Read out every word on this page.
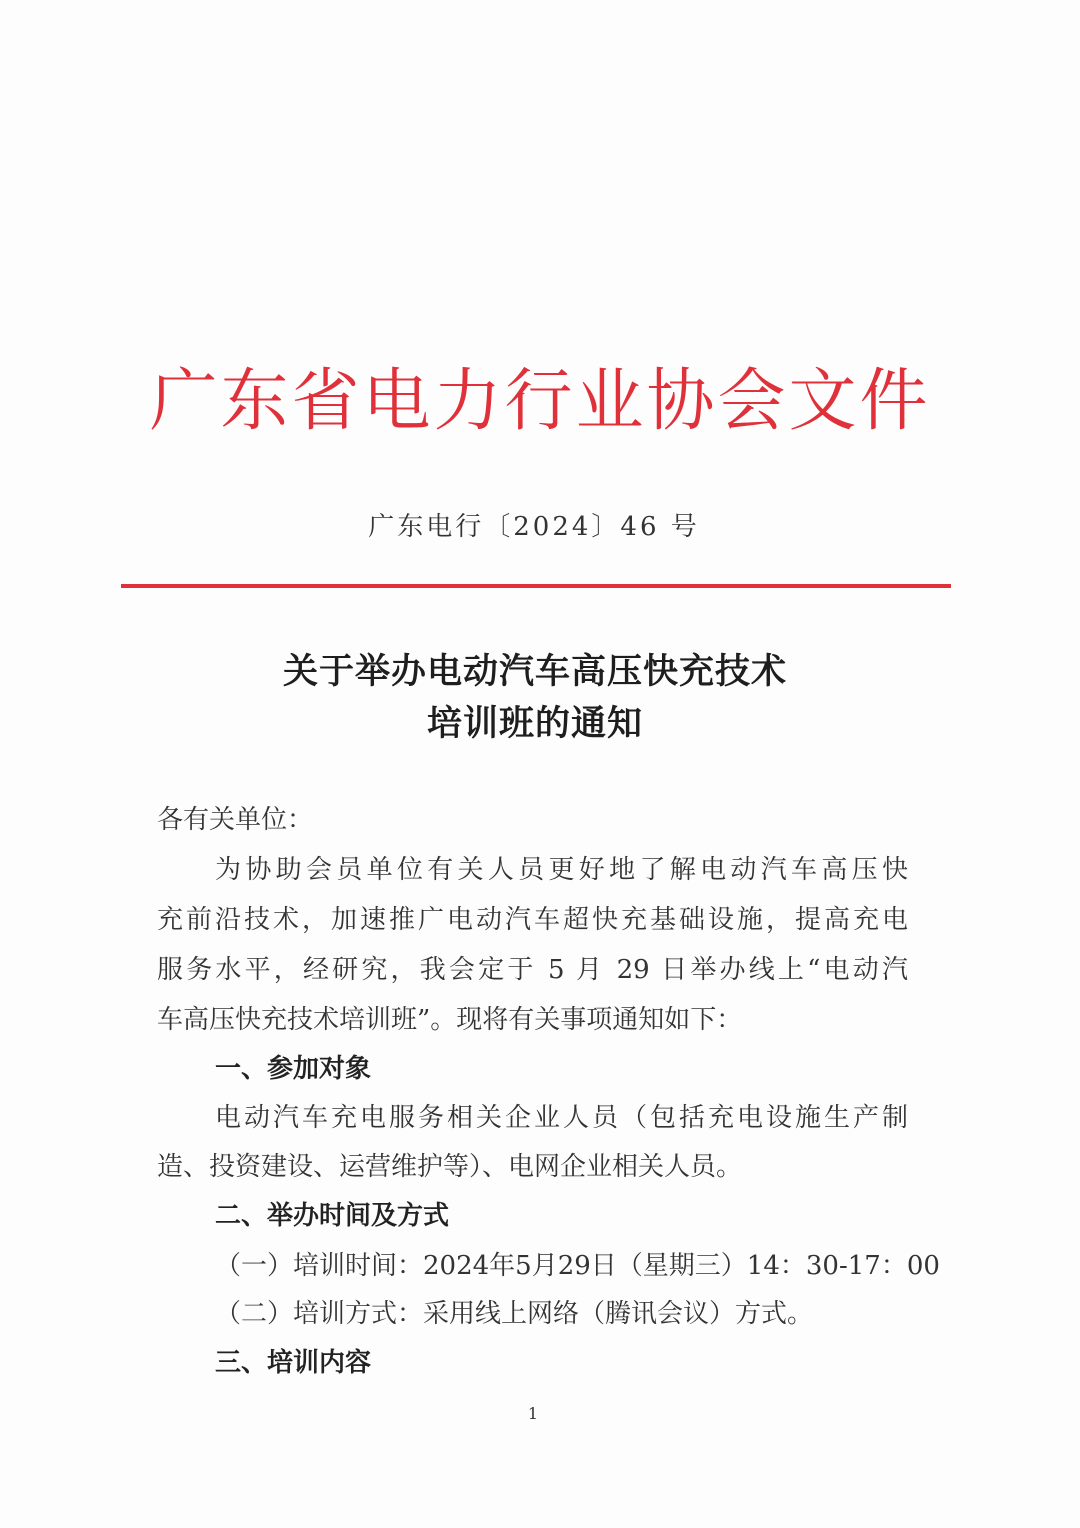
广东省电力行业协会文件
广东电行〔2024〕46 号
关于举办电动汽车高压快充技术
培训班的通知
各有关单位：
为协助会员单位有关人员更好地了解电动汽车高压快
充前沿技术，加速推广电动汽车超快充基础设施，提高充电
服务水平，经研究，我会定于 5 月 29 日举办线上“电动汽
车高压快充技术培训班”。现将有关事项通知如下：
一、参加对象
电动汽车充电服务相关企业人员（包括充电设施生产制
造、投资建设、运营维护等）、电网企业相关人员。
二、举办时间及方式
（一）培训时间：2024年5月29日（星期三）14：30-17：00
（二）培训方式：采用线上网络（腾讯会议）方式。
三、培训内容
1
